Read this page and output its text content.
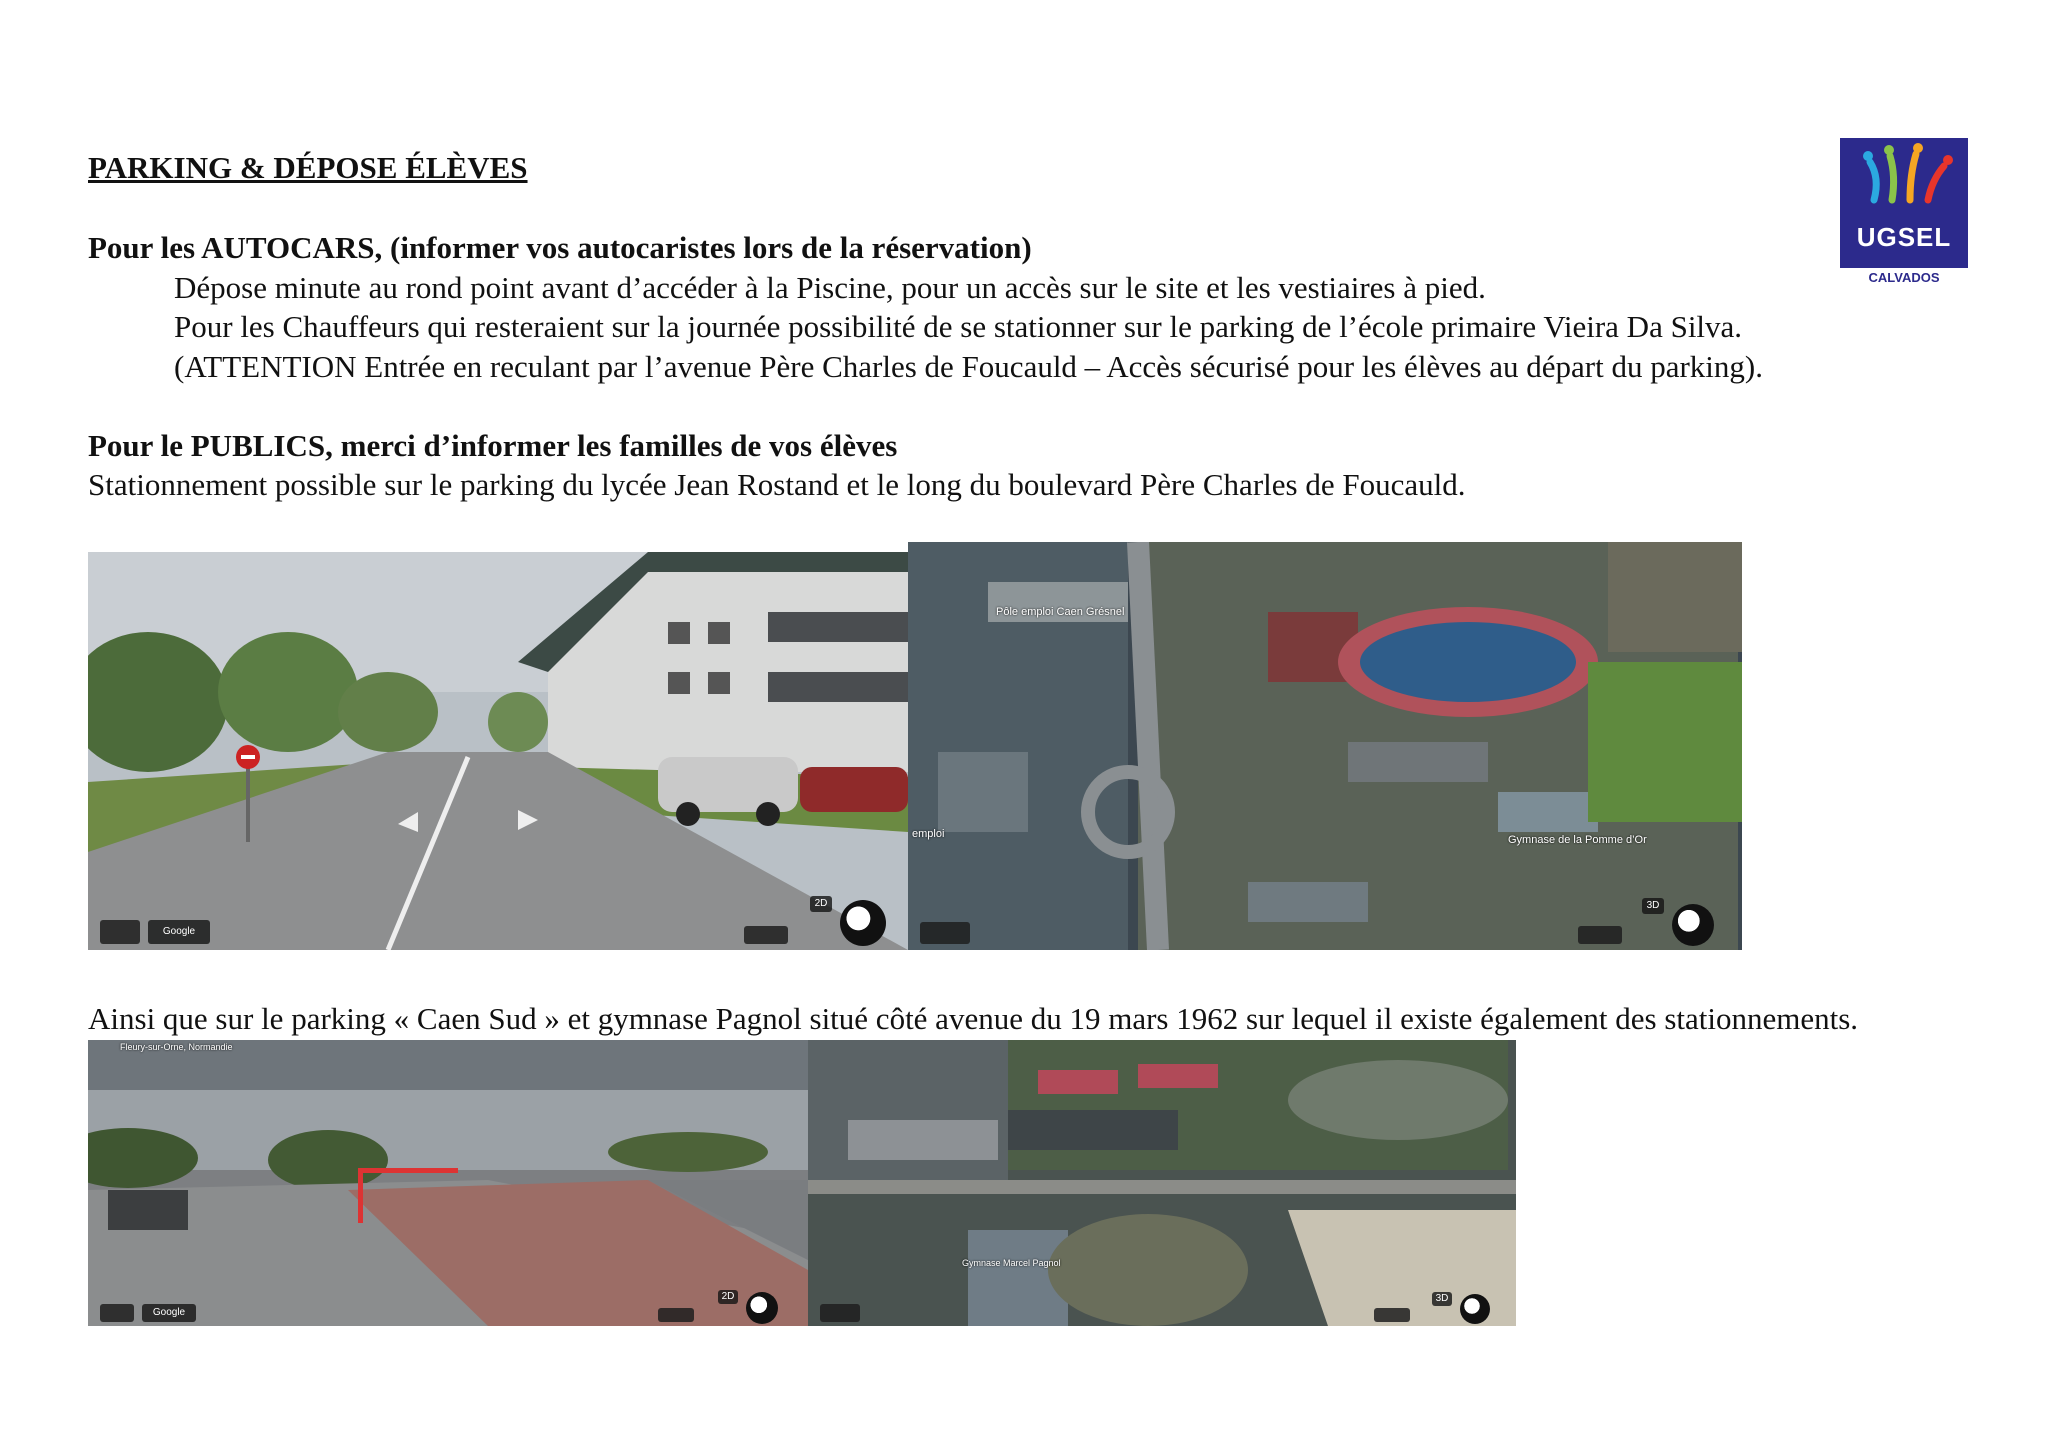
PARKING & DÉPOSE ÉLÈVES
UGSEL
CALVADOS
Pour les AUTOCARS, (informer vos autocaristes lors de la réservation)
Dépose minute au rond point avant d’accéder à la Piscine, pour un accès sur le site et les vestiaires à pied.
Pour les Chauffeurs qui resteraient sur la journée possibilité de se stationner sur le parking de l’école primaire Vieira Da Silva.
(ATTENTION Entrée en reculant par l’avenue Père Charles de Foucauld – Accès sécurisé pour les élèves au départ du parking).
Pour le PUBLICS, merci d’informer les familles de vos élèves
Stationnement possible sur le parking du lycée Jean Rostand et le long du boulevard Père Charles de Foucauld.
Google
2D
Pôle emploi Caen Grésnel
Gymnase de la Pomme d’Or
emploi
3D
Ainsi que sur le parking « Caen Sud » et gymnase Pagnol situé côté avenue du 19 mars 1962 sur lequel il existe également des stationnements.
Fleury-sur-Orne, Normandie
Google
2D
Gymnase Marcel Pagnol
3D
